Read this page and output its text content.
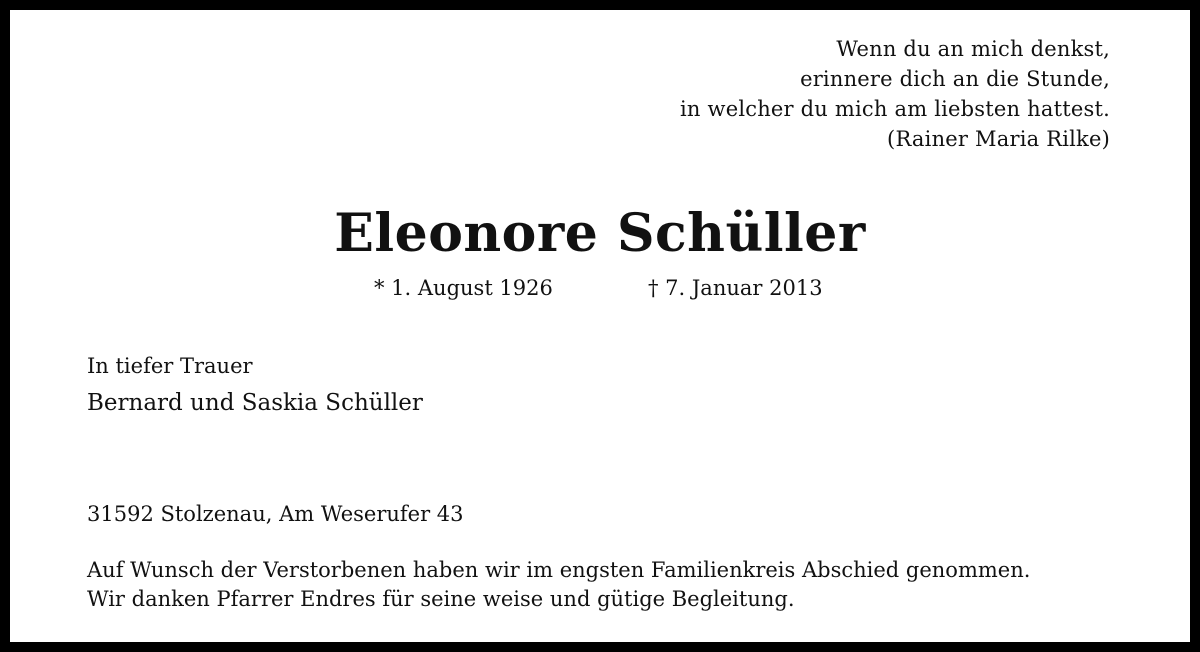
Wenn du an mich denkst,
erinnere dich an die Stunde,
in welcher du mich am liebsten hattest.
(Rainer Maria Rilke)
Eleonore Schüller
* 1. August 1926	† 7. Januar 2013
In tiefer Trauer
Bernard und Saskia Schüller
31592 Stolzenau, Am Weserufer 43
Auf Wunsch der Verstorbenen haben wir im engsten Familienkreis Abschied genommen.
Wir danken Pfarrer Endres für seine weise und gütige Begleitung.
